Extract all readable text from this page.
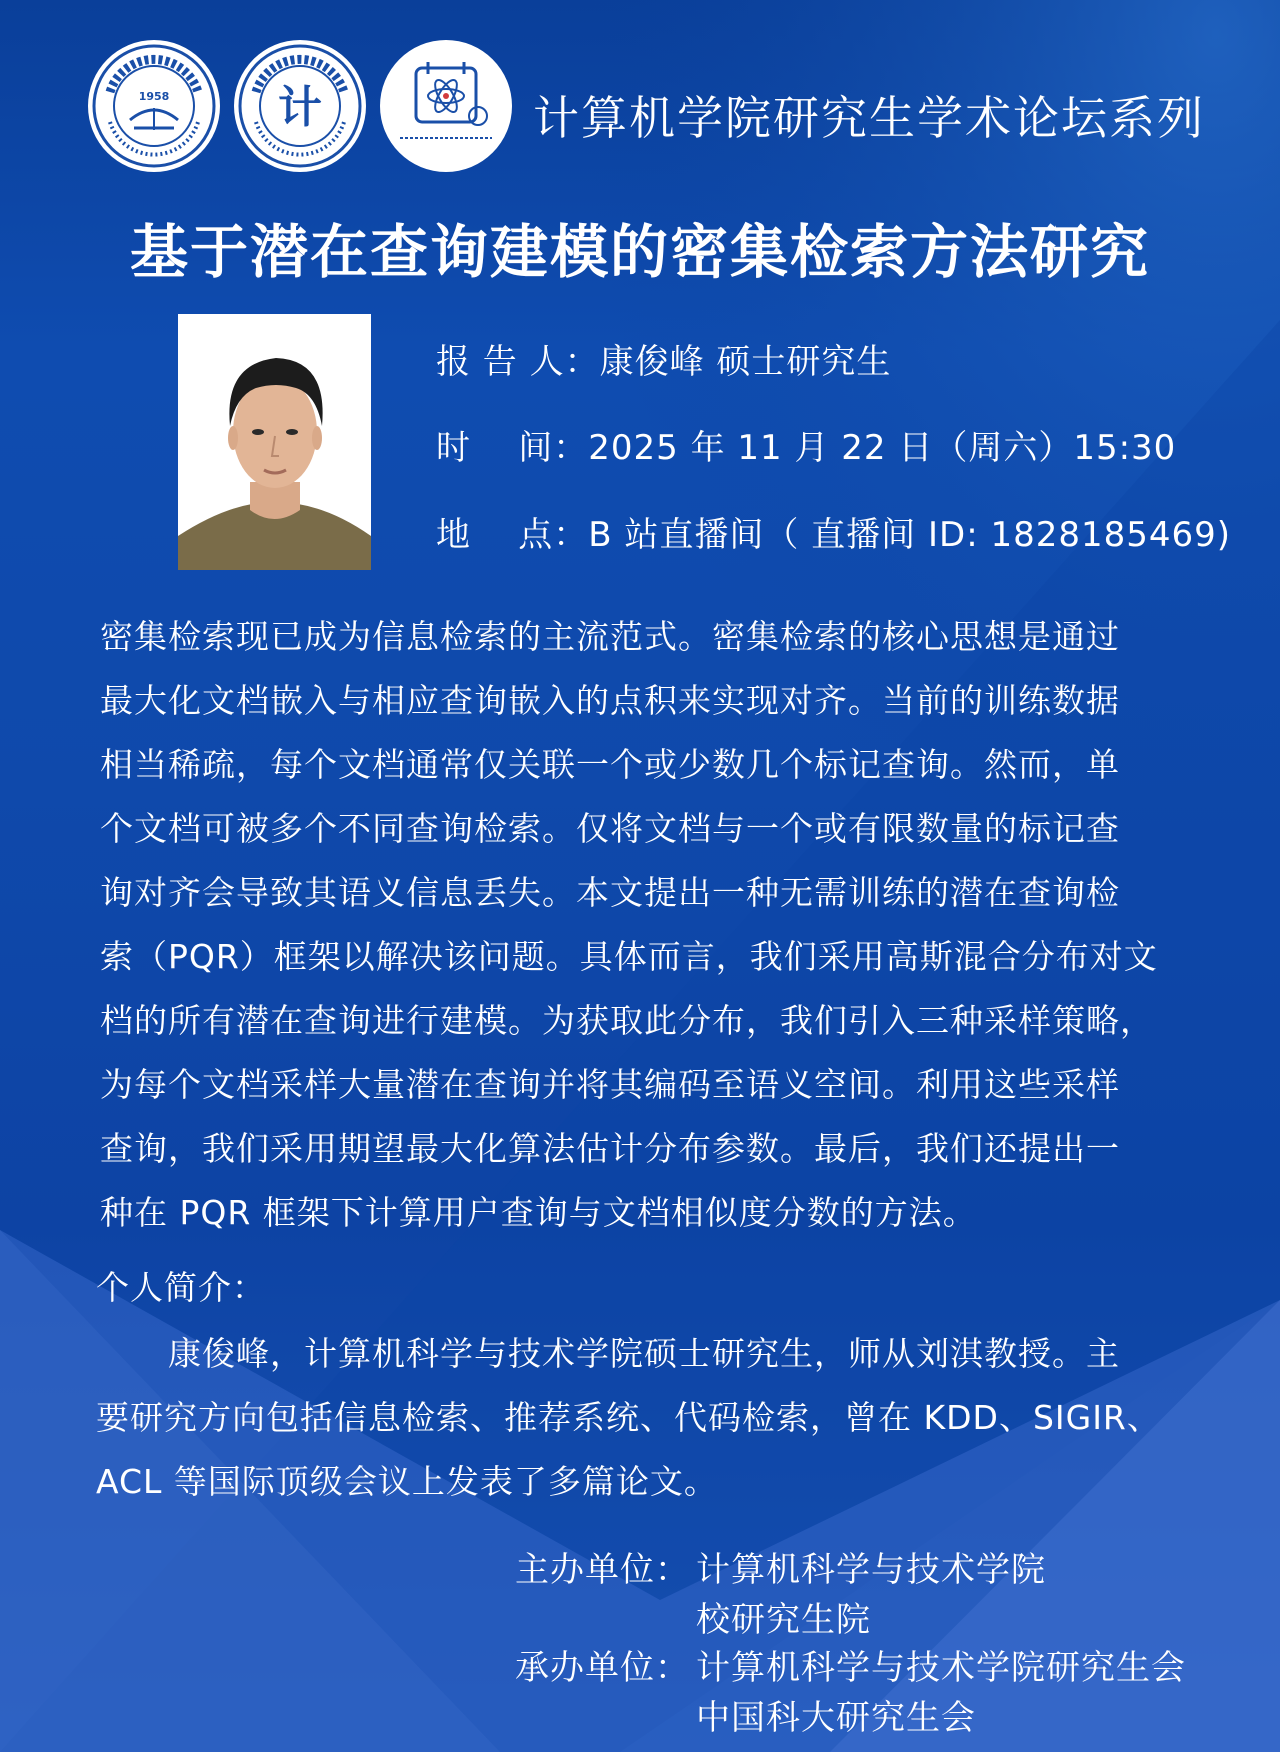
1958 计	计算机学院研究生学术论坛系列
基于潜在查询建模的密集检索方法研究
报 告 人：康俊峰 硕士研究生
时    间：2025 年 11 月 22 日（周六）15:30
地    点：B 站直播间（ 直播间 ID: 1828185469)
密集检索现已成为信息检索的主流范式。密集检索的核心思想是通过
最大化文档嵌入与相应查询嵌入的点积来实现对齐。当前的训练数据
相当稀疏，每个文档通常仅关联一个或少数几个标记查询。然而，单
个文档可被多个不同查询检索。仅将文档与一个或有限数量的标记查
询对齐会导致其语义信息丢失。本文提出一种无需训练的潜在查询检
索（PQR）框架以解决该问题。具体而言，我们采用高斯混合分布对文
档的所有潜在查询进行建模。为获取此分布，我们引入三种采样策略，
为每个文档采样大量潜在查询并将其编码至语义空间。利用这些采样
查询，我们采用期望最大化算法估计分布参数。最后，我们还提出一
种在 PQR 框架下计算用户查询与文档相似度分数的方法。
个人简介：
康俊峰，计算机科学与技术学院硕士研究生，师从刘淇教授。主
要研究方向包括信息检索、推荐系统、代码检索，曾在 KDD、SIGIR、
ACL 等国际顶级会议上发表了多篇论文。
主办单位： 计算机科学与技术学院
校研究生院
承办单位： 计算机科学与技术学院研究生会
中国科大研究生会
